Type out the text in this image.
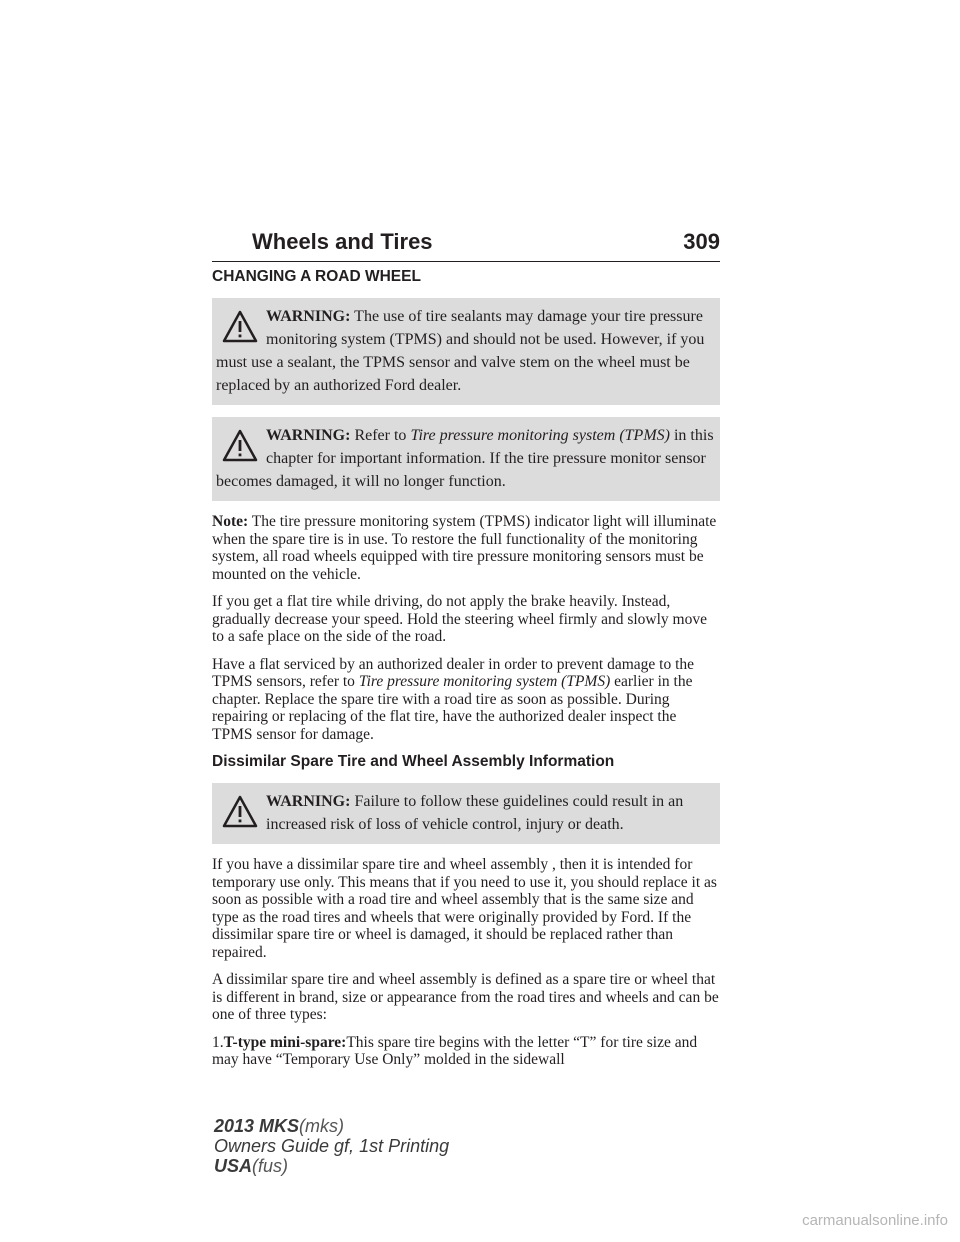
Wheels and Tires	309
CHANGING A ROAD WHEEL
WARNING: The use of tire sealants may damage your tire pressure monitoring system (TPMS) and should not be used. However, if you must use a sealant, the TPMS sensor and valve stem on the wheel must be replaced by an authorized Ford dealer.
WARNING: Refer to Tire pressure monitoring system (TPMS) in this chapter for important information. If the tire pressure monitor sensor becomes damaged, it will no longer function.

Note: The tire pressure monitoring system (TPMS) indicator light will illuminate when the spare tire is in use. To restore the full functionality of the monitoring system, all road wheels equipped with tire pressure monitoring sensors must be mounted on the vehicle.

If you get a flat tire while driving, do not apply the brake heavily. Instead, gradually decrease your speed. Hold the steering wheel firmly and slowly move to a safe place on the side of the road.

Have a flat serviced by an authorized dealer in order to prevent damage to the TPMS sensors, refer to Tire pressure monitoring system (TPMS) earlier in the chapter. Replace the spare tire with a road tire as soon as possible. During repairing or replacing of the flat tire, have the authorized dealer inspect the TPMS sensor for damage.

Dissimilar Spare Tire and Wheel Assembly Information
WARNING: Failure to follow these guidelines could result in an increased risk of loss of vehicle control, injury or death.

If you have a dissimilar spare tire and wheel assembly , then it is intended for temporary use only. This means that if you need to use it, you should replace it as soon as possible with a road tire and wheel assembly that is the same size and type as the road tires and wheels that were originally provided by Ford. If the dissimilar spare tire or wheel is damaged, it should be replaced rather than repaired.

A dissimilar spare tire and wheel assembly is defined as a spare tire or wheel that is different in brand, size or appearance from the road tires and wheels and can be one of three types:

1.T-type mini-spare:This spare tire begins with the letter “T” for tire size and may have “Temporary Use Only” molded in the sidewall

2013 MKS(mks)
Owners Guide gf, 1st Printing
USA(fus)
carmanualsonline.info
